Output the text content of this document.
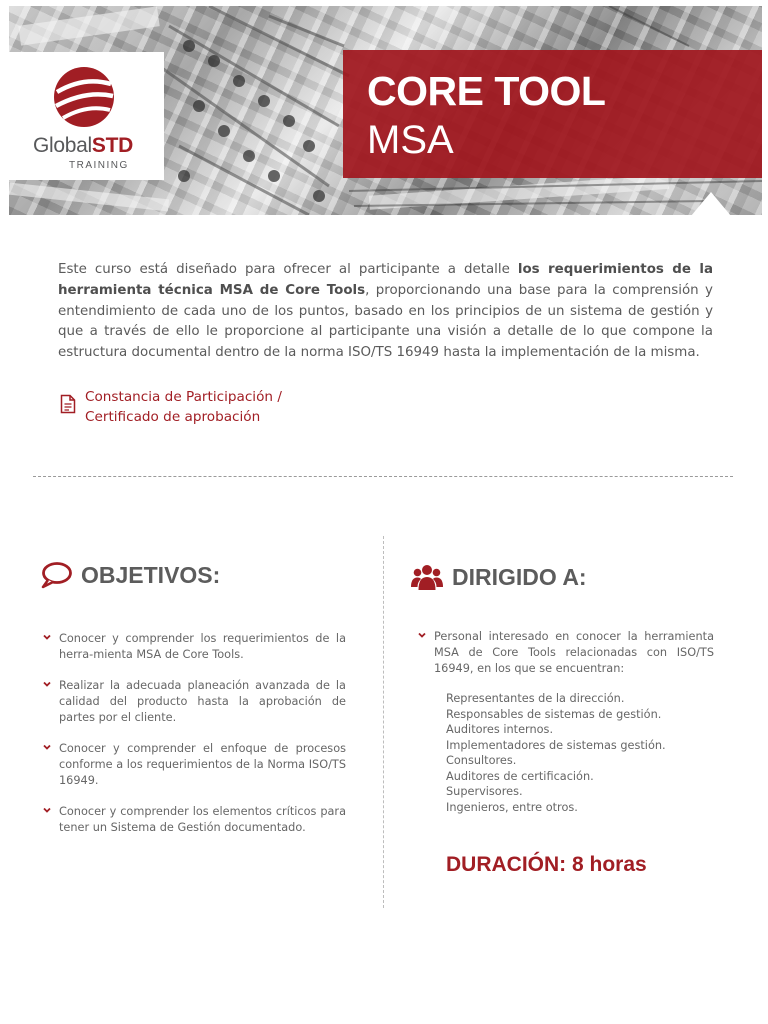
GlobalSTD
TRAINING
CORE TOOL
MSA

Este curso está diseñado para ofrecer al participante a detalle los requerimientos de la herramienta técnica MSA de Core Tools, proporcionando una base para la comprensión y entendimiento de cada uno de los puntos, basado en los principios de un sistema de gestión y que a través de ello le proporcione al participante una visión a detalle de lo que compone la estructura documental dentro de la norma ISO/TS 16949 hasta la implementación de la misma.

Constancia de Participación /
Certificado de aprobación
OBJETIVOS:
Conocer y comprender los requerimientos de la herra-mienta MSA de Core Tools.
Realizar la adecuada planeación avanzada de la calidad del producto hasta la aprobación de partes por el cliente.
Conocer y comprender el enfoque de procesos conforme a los requerimientos de la Norma ISO/TS 16949.
Conocer y comprender los elementos críticos para tener un Sistema de Gestión documentado.
DIRIGIDO A:
Personal interesado en conocer la herramienta MSA de Core Tools relacionadas con ISO/TS 16949, en los que se encuentran:
Representantes de la dirección.
Responsables de sistemas de gestión.
Auditores internos.
Implementadores de sistemas gestión.
Consultores.
Auditores de certificación.
Supervisores.
Ingenieros, entre otros.
DURACIÓN: 8 horas
